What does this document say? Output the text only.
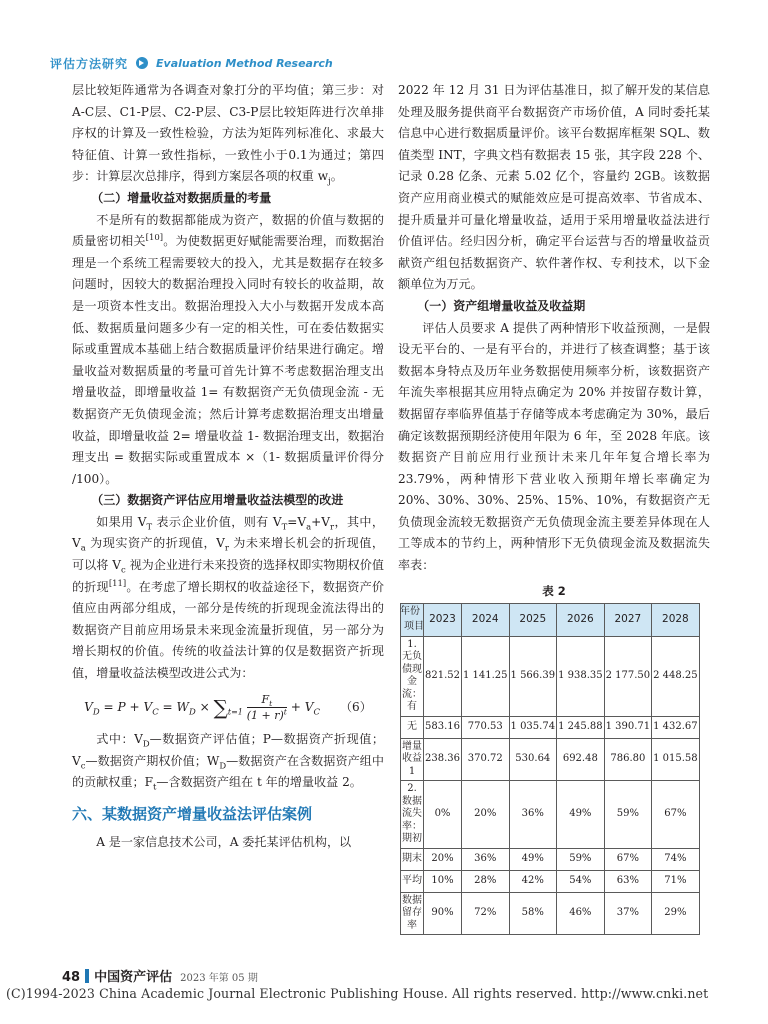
评估方法研究	Evaluation Method Research

层比较矩阵通常为各调查对象打分的平均值；第三步：对A-C层、C1-P层、C2-P层、C3-P层比较矩阵进行次单排序权的计算及一致性检验，方法为矩阵列标准化、求最大特征值、计算一致性指标，一致性小于0.1为通过；第四步：计算层次总排序，得到方案层各项的权重 $w_j$。

（二）增量收益对数据质量的考量

不是所有的数据都能成为资产，数据的价值与数据的质量密切相关[10]。为使数据更好赋能需要治理，而数据治理是一个系统工程需要较大的投入，尤其是数据存在较多问题时，因较大的数据治理投入同时有较长的收益期，故是一项资本性支出。数据治理投入大小与数据开发成本高低、数据质量问题多少有一定的相关性，可在委估数据实际或重置成本基础上结合数据质量评价结果进行确定。增量收益对数据质量的考量可首先计算不考虑数据治理支出增量收益，即增量收益 1= 有数据资产无负债现金流 - 无数据资产无负债现金流；然后计算考虑数据治理支出增量收益，即增量收益 2= 增量收益 1- 数据治理支出，数据治理支出 = 数据实际或重置成本 ×（1- 数据质量评价得分 /100）。

（三）数据资产评估应用增量收益法模型的改进

如果用 $V_T$ 表示企业价值，则有 $V_T=V_a+V_r$，其中，$V_a$ 为现实资产的折现值，$V_r$ 为未来增长机会的折现值，可以将 $V_c$ 视为企业进行未来投资的选择权即实物期权价值的折现[11]。在考虑了增长期权的收益途径下，数据资产价值应由两部分组成，一部分是传统的折现现金流法得出的数据资产目前应用场景未来现金流量折现值，另一部分为增长期权的价值。传统的收益法计算的仅是数据资产折现值，增量收益法模型改进公式为：

$V_D = P + V_C = W_D \times \sum_{t=1} \frac{F_t}{(1 + r)^t} + V_C$ （6）

式中：$V_D—$数据资产评估值；P—数据资产折现值；$V_c—$数据资产期权价值；$W_D—$数据资产在含数据资产组中的贡献权重；$F_t—$含数据资产组在 t 年的增量收益 2。

六、某数据资产增量收益法评估案例

A 是一家信息技术公司，A 委托某评估机构，以

2022 年 12 月 31 日为评估基准日，拟了解开发的某信息处理及服务提供商平台数据资产市场价值，A 同时委托某信息中心进行数据质量评价。该平台数据库框架 SQL、数值类型 INT，字典文档有数据表 15 张，其字段 228 个、记录 0.28 亿条、元素 5.02 亿个，容量约 2GB。该数据资产应用商业模式的赋能效应是可提高效率、节省成本、提升质量并可量化增量收益，适用于采用增量收益法进行价值评估。经归因分析，确定平台运营与否的增量收益贡献资产组包括数据资产、软件著作权、专利技术，以下金额单位为万元。

（一）资产组增量收益及收益期

评估人员要求 A 提供了两种情形下收益预测，一是假设无平台的、一是有平台的，并进行了核查调整；基于该数据本身特点及历年业务数据使用频率分析，该数据资产年流失率根据其应用特点确定为 20% 并按留存数计算，数据留存率临界值基于存储等成本考虑确定为 30%，最后确定该数据预期经济使用年限为 6 年，至 2028 年底。该数据资产目前应用行业预计未来几年年复合增长率为 23.79%，两种情形下营业收入预期年增长率确定为 20%、30%、30%、25%、15%、10%，有数据资产无负债现金流较无数据资产无负债现金流主要差异体现在人工等成本的节约上，两种情形下无负债现金流及数据流失率表：

表 2

年份
项目	2023	2024	2025	2026	2027	2028
1. 无负债现金流：有	821.52	1 141.25	1 566.39	1 938.35	2 177.50	2 448.25
无	583.16	770.53	1 035.74	1 245.88	1 390.71	1 432.67
增量收益 1	238.36	370.72	530.64	692.48	786.80	1 015.58
2. 数据流失率：期初	0%	20%	36%	49%	59%	67%
期末	20%	36%	49%	59%	67%	74%
平均	10%	28%	42%	54%	63%	71%
数据留存率	90%	72%	58%	46%	37%	29%
48 中国资产评估 2023 年第 05 期
(C)1994-2023 China Academic Journal Electronic Publishing House. All rights reserved. http://www.cnki.net
